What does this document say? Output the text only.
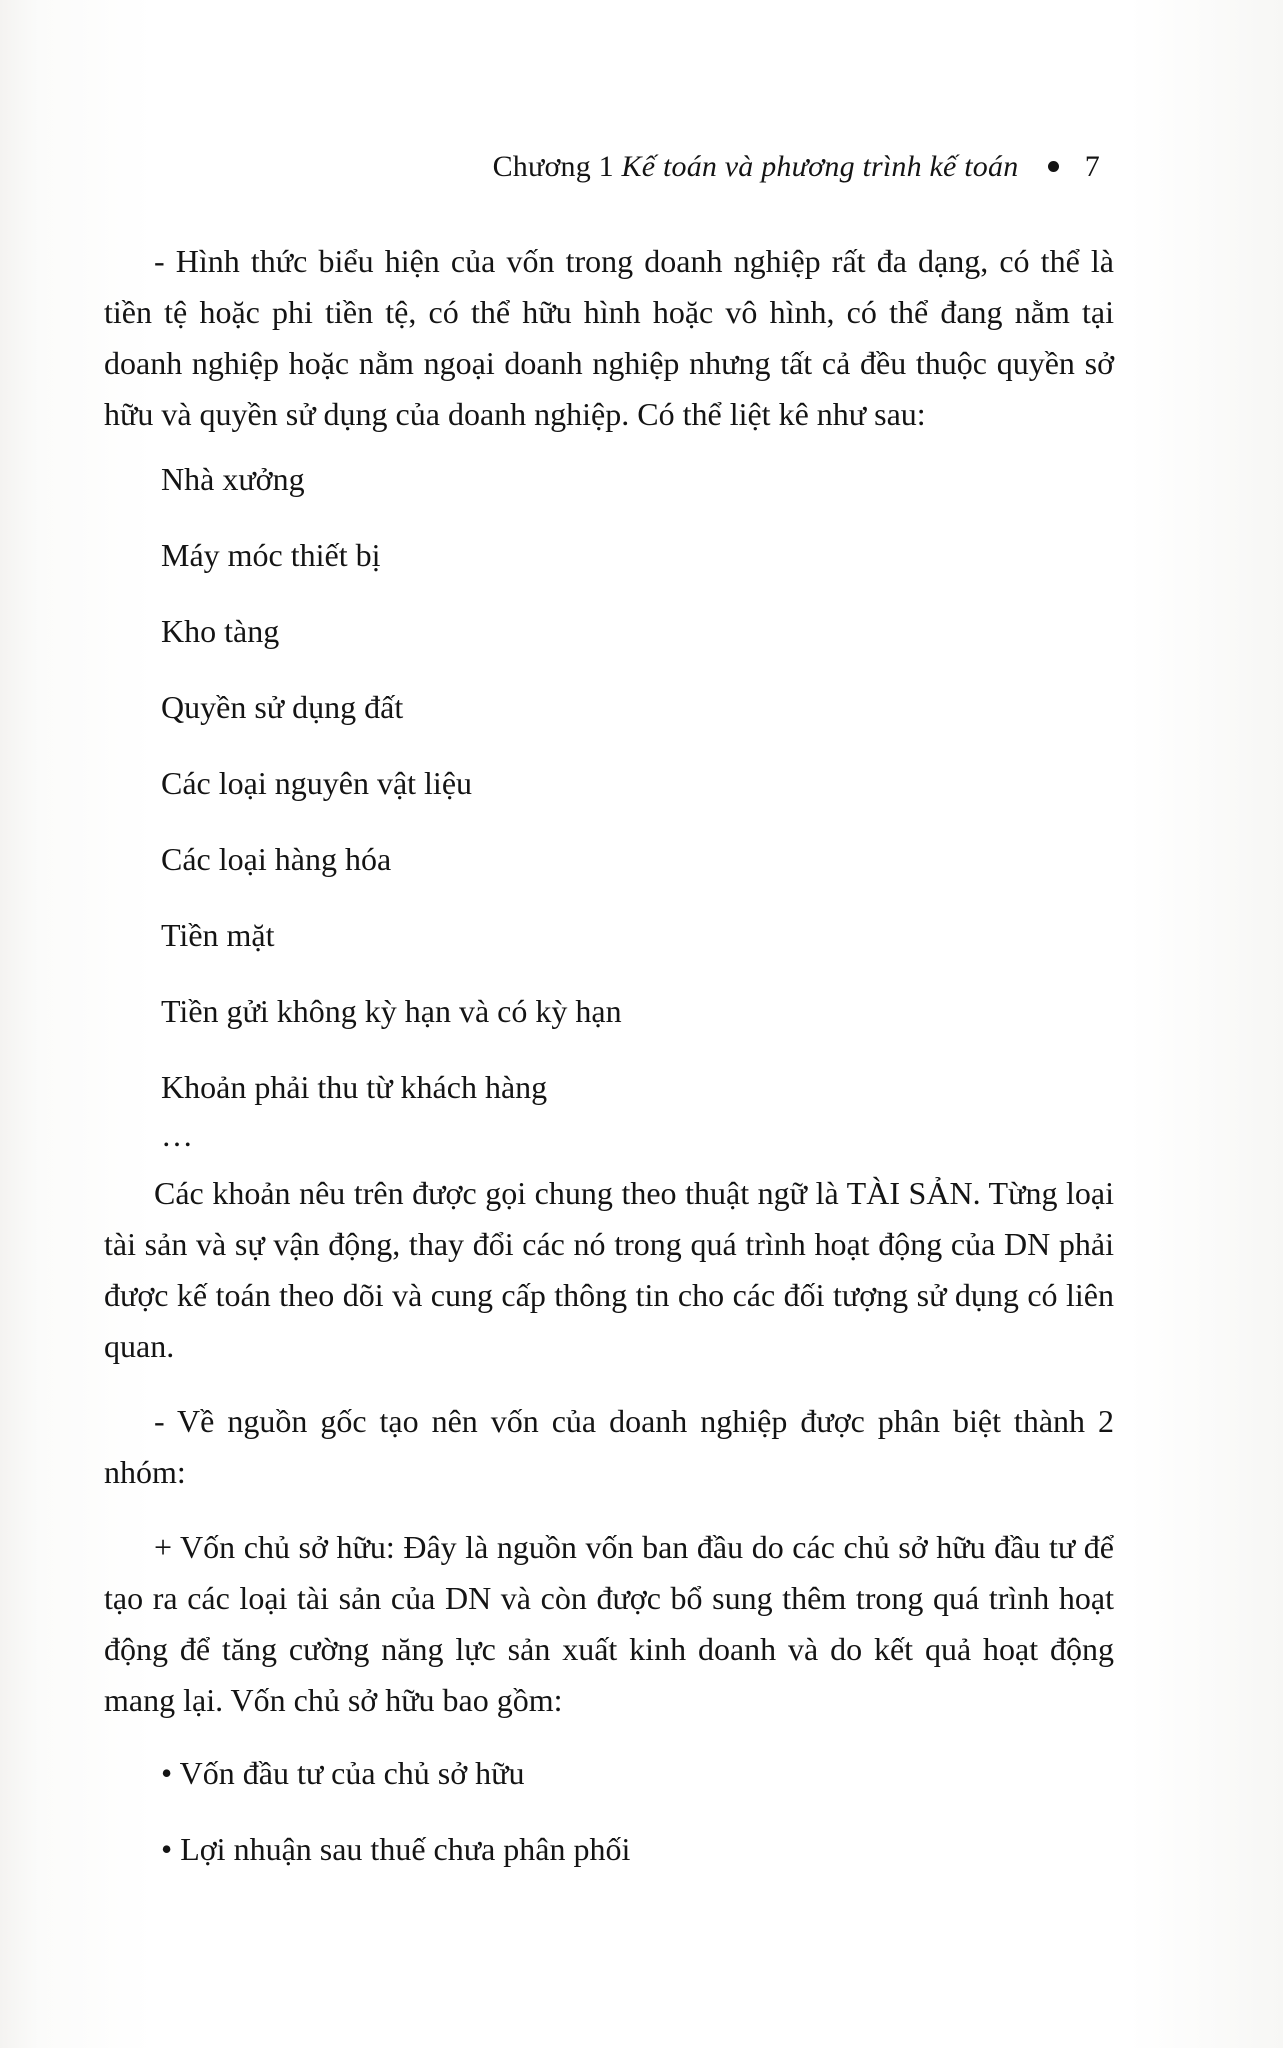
Chương 1 Kế toán và phương trình kế toán 7

- Hình thức biểu hiện của vốn trong doanh nghiệp rất đa dạng, có thể là tiền tệ hoặc phi tiền tệ, có thể hữu hình hoặc vô hình, có thể đang nằm tại doanh nghiệp hoặc nằm ngoại doanh nghiệp nhưng tất cả đều thuộc quyền sở hữu và quyền sử dụng của doanh nghiệp. Có thể liệt kê như sau:

Nhà xưởng
Máy móc thiết bị
Kho tàng
Quyền sử dụng đất
Các loại nguyên vật liệu
Các loại hàng hóa
Tiền mặt
Tiền gửi không kỳ hạn và có kỳ hạn
Khoản phải thu từ khách hàng
…

Các khoản nêu trên được gọi chung theo thuật ngữ là TÀI SẢN. Từng loại tài sản và sự vận động, thay đổi các nó trong quá trình hoạt động của DN phải được kế toán theo dõi và cung cấp thông tin cho các đối tượng sử dụng có liên quan.

- Về nguồn gốc tạo nên vốn của doanh nghiệp được phân biệt thành 2 nhóm:

+ Vốn chủ sở hữu: Đây là nguồn vốn ban đầu do các chủ sở hữu đầu tư để tạo ra các loại tài sản của DN và còn được bổ sung thêm trong quá trình hoạt động để tăng cường năng lực sản xuất kinh doanh và do kết quả hoạt động mang lại. Vốn chủ sở hữu bao gồm:

• Vốn đầu tư của chủ sở hữu
• Lợi nhuận sau thuế chưa phân phối
